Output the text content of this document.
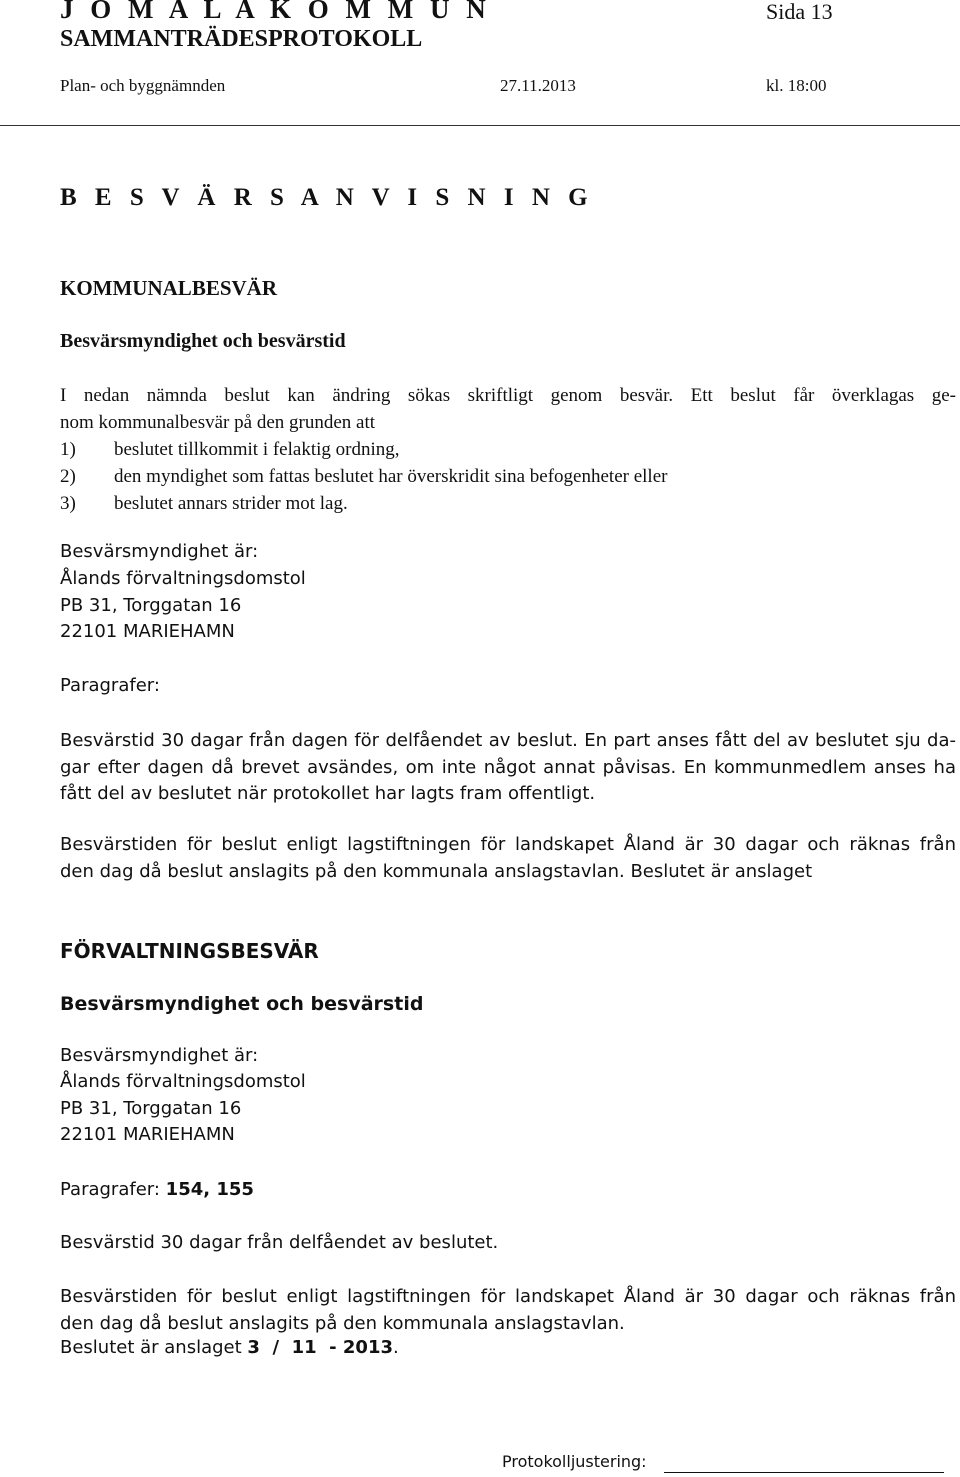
J O M A L A K O M M U N	Sida 13
SAMMANTRÄDESPROTOKOLL
Plan- och byggnämnden	27.11.2013	kl. 18:00
B E S V Ä R S A N V I S N I N G
KOMMUNALBESVÄR
Besvärsmyndighet och besvärstid
I nedan nämnda beslut kan ändring sökas skriftligt genom besvär. Ett beslut får överklagas ge-
nom kommunalbesvär på den grunden att
1) beslutet tillkommit i felaktig ordning,
2) den myndighet som fattas beslutet har överskridit sina befogenheter eller
3) beslutet annars strider mot lag.
Besvärsmyndighet är:
Ålands förvaltningsdomstol
PB 31, Torggatan 16
22101 MARIEHAMN
Paragrafer:
Besvärstid 30 dagar från dagen för delfåendet av beslut. En part anses fått del av beslutet sju da-
gar efter dagen då brevet avsändes, om inte något annat påvisas. En kommunmedlem anses ha
fått del av beslutet när protokollet har lagts fram offentligt.
Besvärstiden för beslut enligt lagstiftningen för landskapet Åland är 30 dagar och räknas från
den dag då beslut anslagits på den kommunala anslagstavlan. Beslutet är anslaget
FÖRVALTNINGSBESVÄR
Besvärsmyndighet och besvärstid
Besvärsmyndighet är:
Ålands förvaltningsdomstol
PB 31, Torggatan 16
22101 MARIEHAMN
Paragrafer: 154, 155
Besvärstid 30 dagar från delfåendet av beslutet.
Besvärstiden för beslut enligt lagstiftningen för landskapet Åland är 30 dagar och räknas från
den dag då beslut anslagits på den kommunala anslagstavlan.
Beslutet är anslaget 3  /  11  - 2013.
Protokolljustering:
